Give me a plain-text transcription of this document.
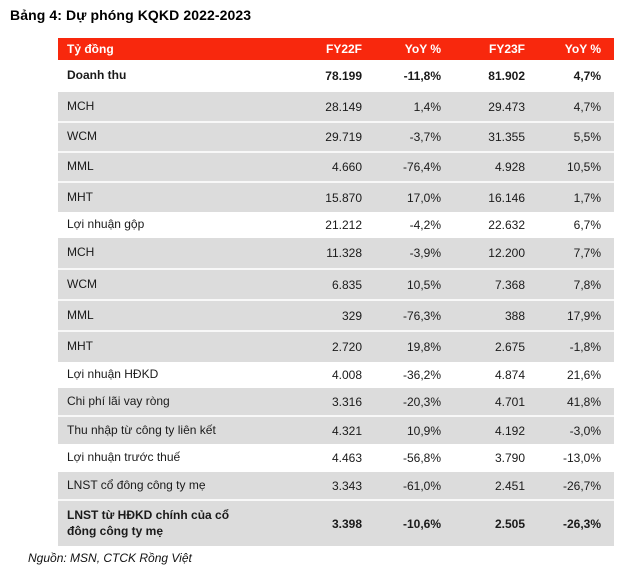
Bảng 4: Dự phóng KQKD 2022-2023
Tỷ đồng	FY22F	YoY %	FY23F	YoY %
Doanh thu	78.199	-11,8%	81.902	4,7%
MCH	28.149	1,4%	29.473	4,7%
WCM	29.719	-3,7%	31.355	5,5%
MML	4.660	-76,4%	4.928	10,5%
MHT	15.870	17,0%	16.146	1,7%
Lợi nhuận gộp	21.212	-4,2%	22.632	6,7%
MCH	11.328	-3,9%	12.200	7,7%
WCM	6.835	10,5%	7.368	7,8%
MML	329	-76,3%	388	17,9%
MHT	2.720	19,8%	2.675	-1,8%
Lợi nhuận HĐKD	4.008	-36,2%	4.874	21,6%
Chi phí lãi vay ròng	3.316	-20,3%	4.701	41,8%
Thu nhập từ công ty liên kết	4.321	10,9%	4.192	-3,0%
Lợi nhuận trước thuế	4.463	-56,8%	3.790	-13,0%
LNST cổ đông công ty mẹ	3.343	-61,0%	2.451	-26,7%
LNST từ HĐKD chính của cổ đông công ty mẹ	3.398	-10,6%	2.505	-26,3%
Nguồn: MSN, CTCK Rồng Việt
